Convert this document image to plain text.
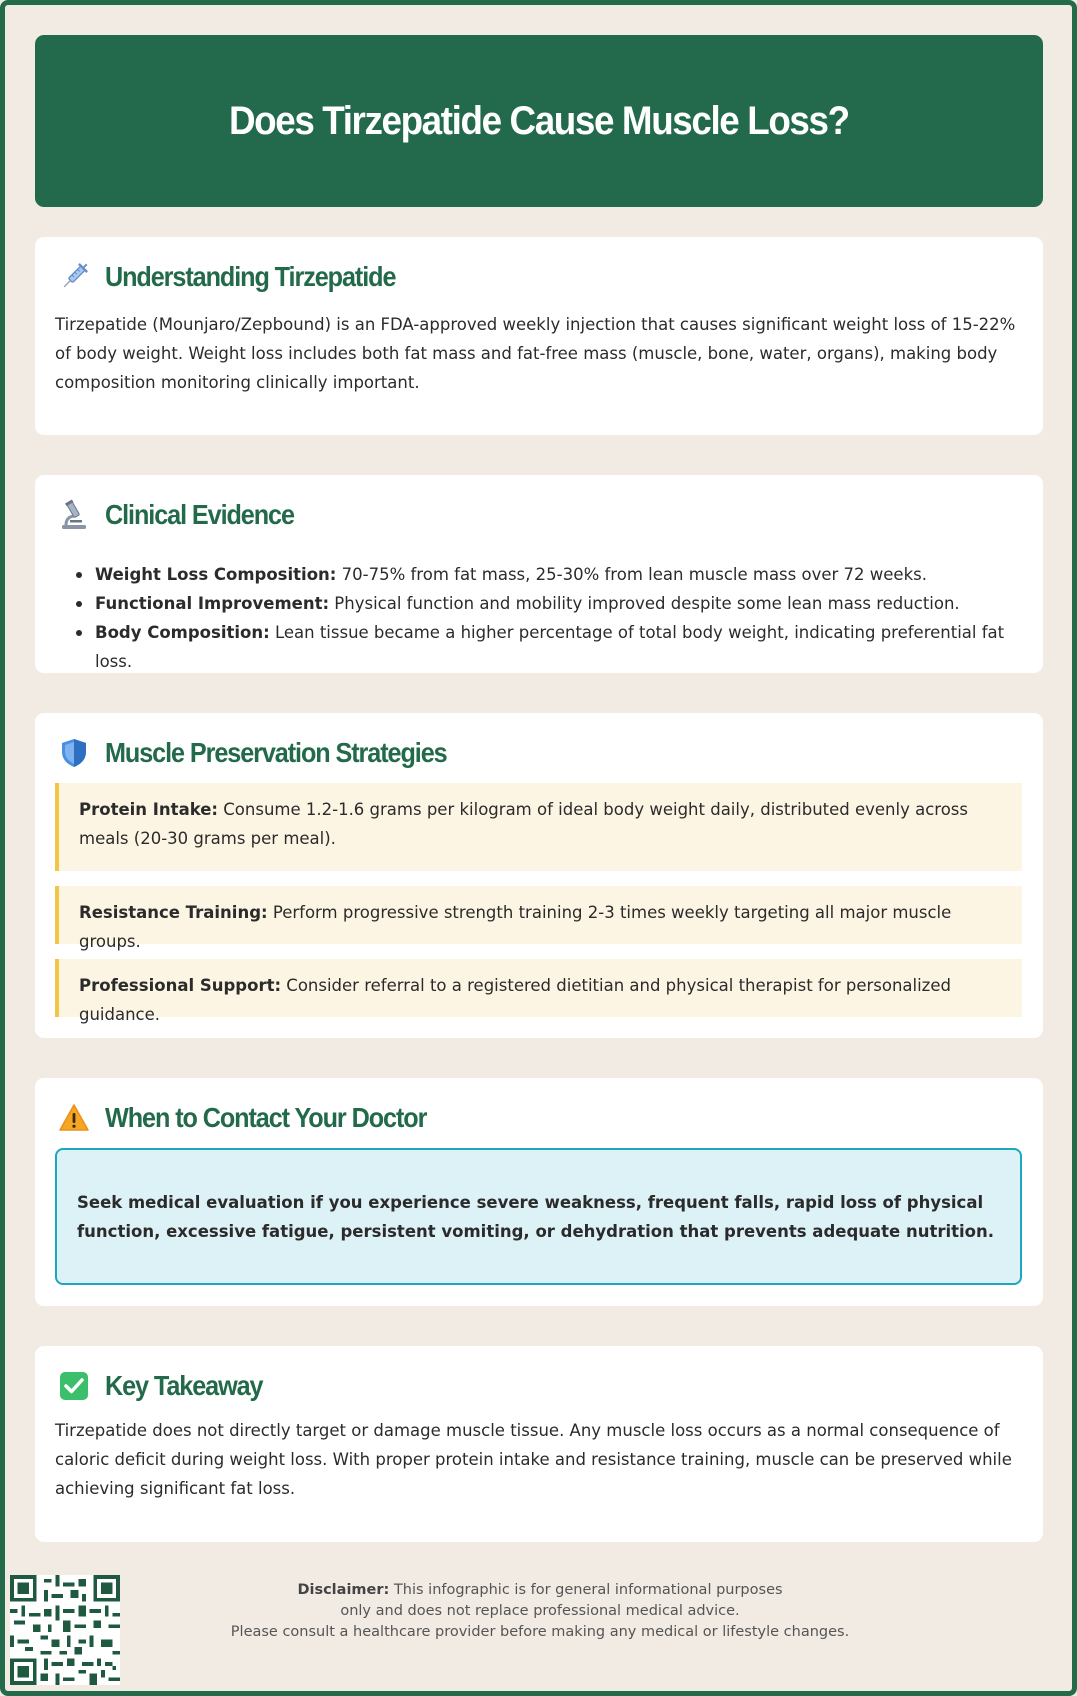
Does Tirzepatide Cause Muscle Loss?
Understanding Tirzepatide

Tirzepatide (Mounjaro/Zepbound) is an FDA-approved weekly injection that causes significant weight loss of 15-22% of body weight. Weight loss includes both fat mass and fat-free mass (muscle, bone, water, organs), making body composition monitoring clinically important.

Clinical Evidence
Weight Loss Composition: 70-75% from fat mass, 25-30% from lean muscle mass over 72 weeks.
Functional Improvement: Physical function and mobility improved despite some lean mass reduction.
Body Composition: Lean tissue became a higher percentage of total body weight, indicating preferential fat loss.
Muscle Preservation Strategies
Protein Intake: Consume 1.2-1.6 grams per kilogram of ideal body weight daily, distributed evenly across meals (20-30 grams per meal).
Resistance Training: Perform progressive strength training 2-3 times weekly targeting all major muscle groups.
Professional Support: Consider referral to a registered dietitian and physical therapist for personalized guidance.
When to Contact Your Doctor

Seek medical evaluation if you experience severe weakness, frequent falls, rapid loss of physical function, excessive fatigue, persistent vomiting, or dehydration that prevents adequate nutrition.

Key Takeaway

Tirzepatide does not directly target or damage muscle tissue. Any muscle loss occurs as a normal consequence of caloric deficit during weight loss. With proper protein intake and resistance training, muscle can be preserved while achieving significant fat loss.

Disclaimer: This infographic is for general informational purposes
only and does not replace professional medical advice.
Please consult a healthcare provider before making any medical or lifestyle changes.
